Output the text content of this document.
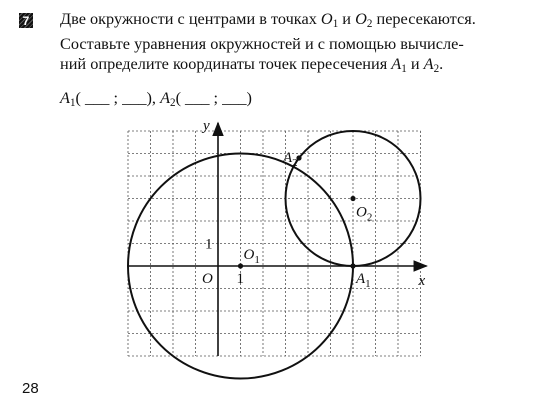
7 Две окружности с центрами в точках $O_1$ и $O_2$ пересекаются.

Составьте уравнения окружностей и с помощью вычисле-

ний определите координаты точек пересечения $A_1$ и $A_2$.

$A_1$( ___ ; ___), $A_2$( ___ ; ___)
x
y
O 1
1
$O_1$
$O_2$
$A_1$
$A_2$
28
